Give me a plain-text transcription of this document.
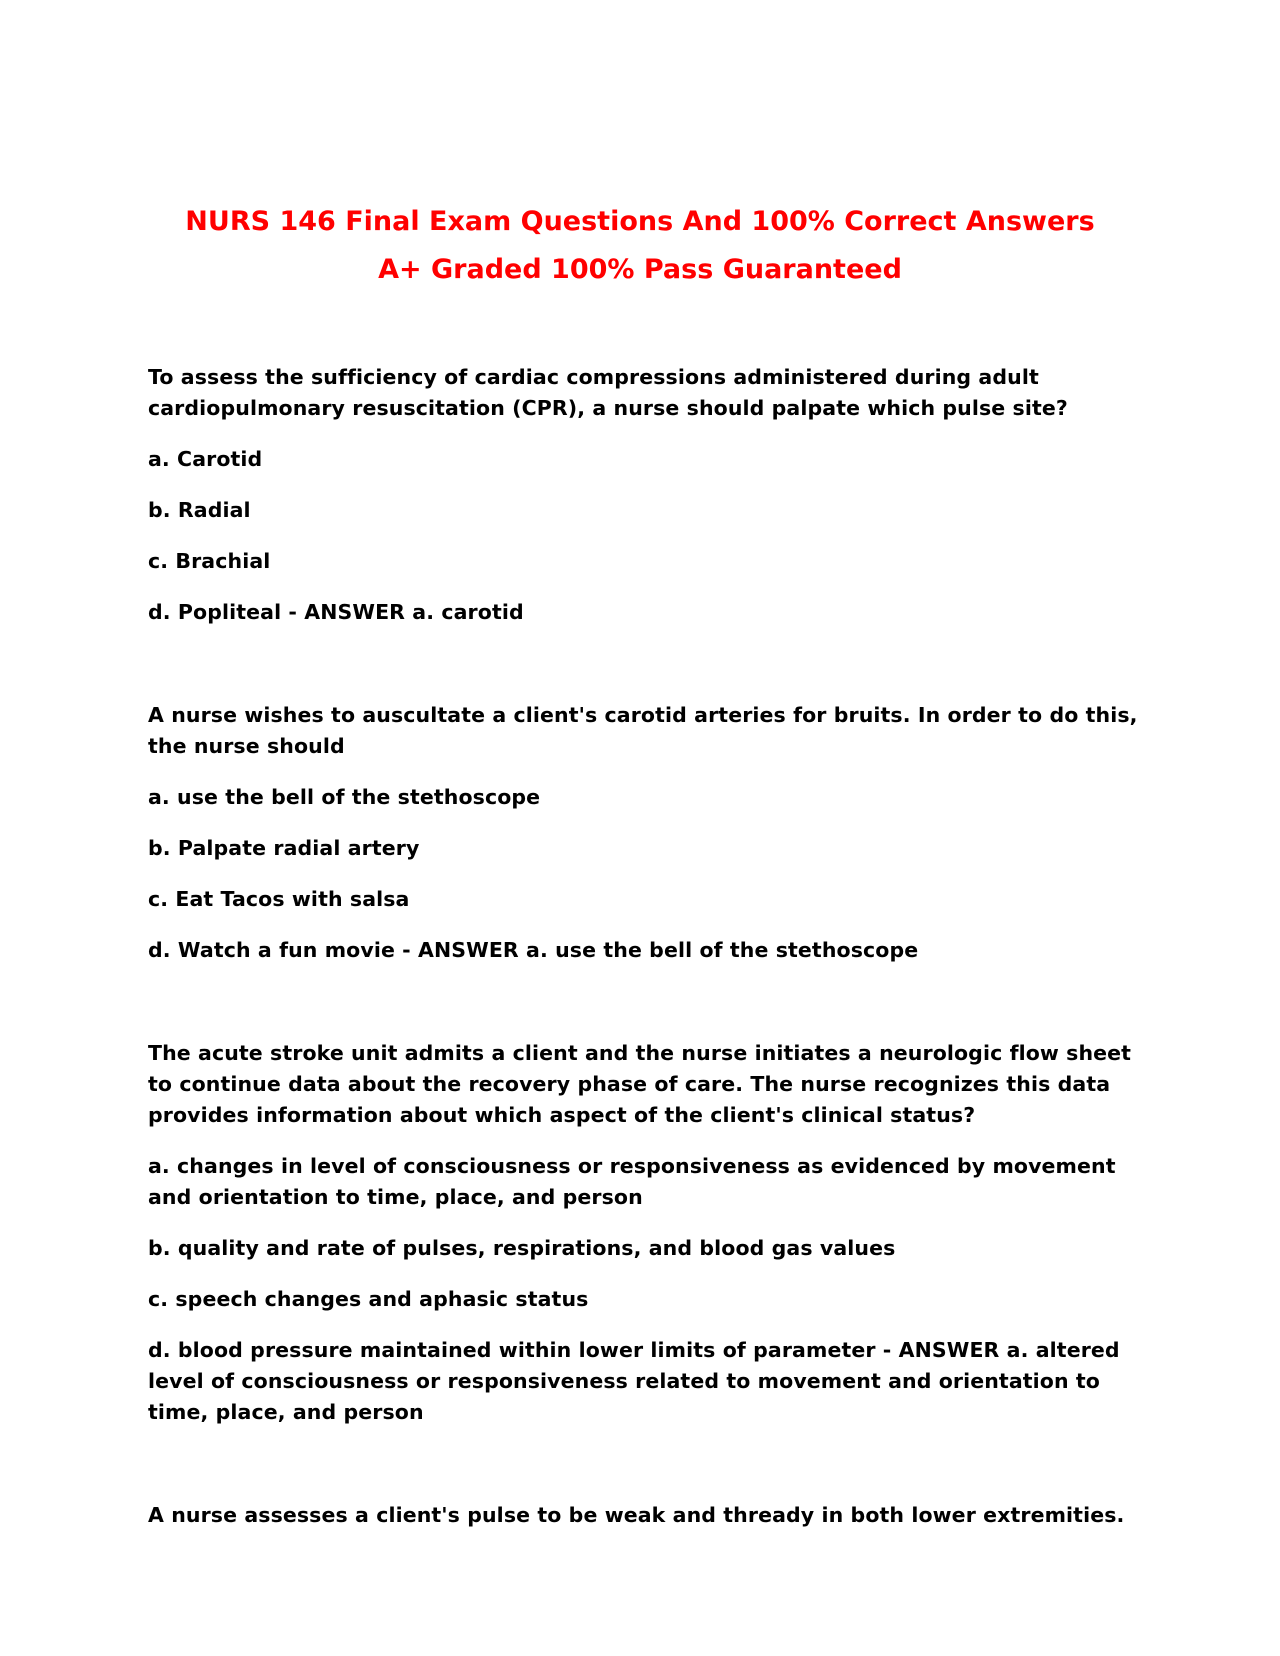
NURS 146 Final Exam Questions And 100% Correct Answers
A+ Graded 100% Pass Guaranteed

To assess the sufficiency of cardiac compressions administered during adult cardiopulmonary resuscitation (CPR), a nurse should palpate which pulse site?

a. Carotid

b. Radial

c. Brachial

d. Popliteal - ANSWER a. carotid

A nurse wishes to auscultate a client's carotid arteries for bruits. In order to do this, the nurse should

a. use the bell of the stethoscope

b. Palpate radial artery

c. Eat Tacos with salsa

d. Watch a fun movie - ANSWER a. use the bell of the stethoscope

The acute stroke unit admits a client and the nurse initiates a neurologic flow sheet to continue data about the recovery phase of care. The nurse recognizes this data provides information about which aspect of the client's clinical status?

a. changes in level of consciousness or responsiveness as evidenced by movement and orientation to time, place, and person

b. quality and rate of pulses, respirations, and blood gas values

c. speech changes and aphasic status

d. blood pressure maintained within lower limits of parameter - ANSWER a. altered level of consciousness or responsiveness related to movement and orientation to time, place, and person

A nurse assesses a client's pulse to be weak and thready in both lower extremities.
